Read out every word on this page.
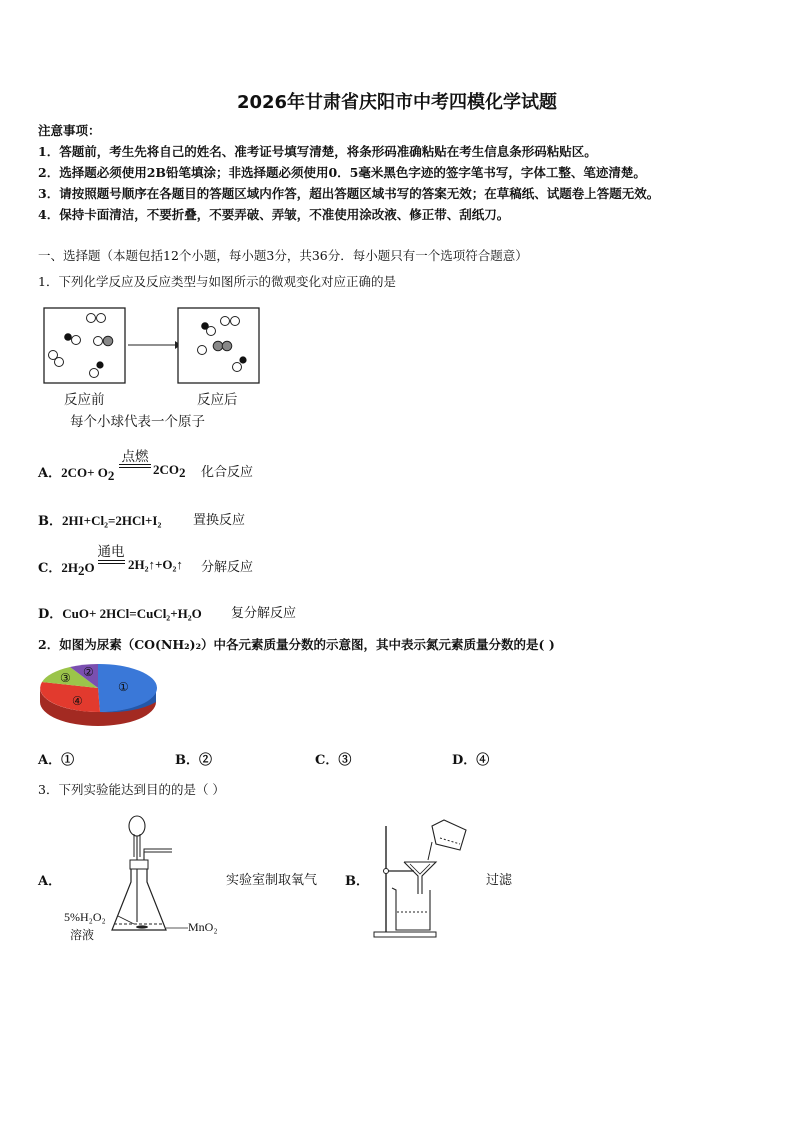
2026年甘肃省庆阳市中考四模化学试题
注意事项：
1．答题前，考生先将自己的姓名、准考证号填写清楚，将条形码准确粘贴在考生信息条形码粘贴区。
2．选择题必须使用2B铅笔填涂；非选择题必须使用0．5毫米黑色字迹的签字笔书写，字体工整、笔迹清楚。
3．请按照题号顺序在各题目的答题区域内作答，超出答题区域书写的答案无效；在草稿纸、试题卷上答题无效。
4．保持卡面清洁，不要折叠，不要弄破、弄皱，不准使用涂改液、修正带、刮纸刀。
一、选择题（本题包括12个小题，每小题3分，共36分．每小题只有一个选项符合题意）
1．下列化学反应及反应类型与如图所示的微观变化对应正确的是
反应前	反应后
每个小球代表一个原子
A．$2CO+ O_2$
点燃
$2CO_2$ 化合反应
B．2HI+Cl₂=2HCl+I₂ 置换反应
C．$2H_2O$
通电
2H₂↑+O₂↑ 分解反应
D．CuO+ 2HCl=CuCl₂+H₂O 复分解反应
2．如图为尿素（CO(NH₂)₂）中各元素质量分数的示意图，其中表示氮元素质量分数的是( )
①
②
③
④
A．①	B．②	C．③	D．④
3．下列实验能达到目的的是（ ）
A．
5%H₂O₂
溶液
MnO₂
实验室制取氧气 B．	过滤
